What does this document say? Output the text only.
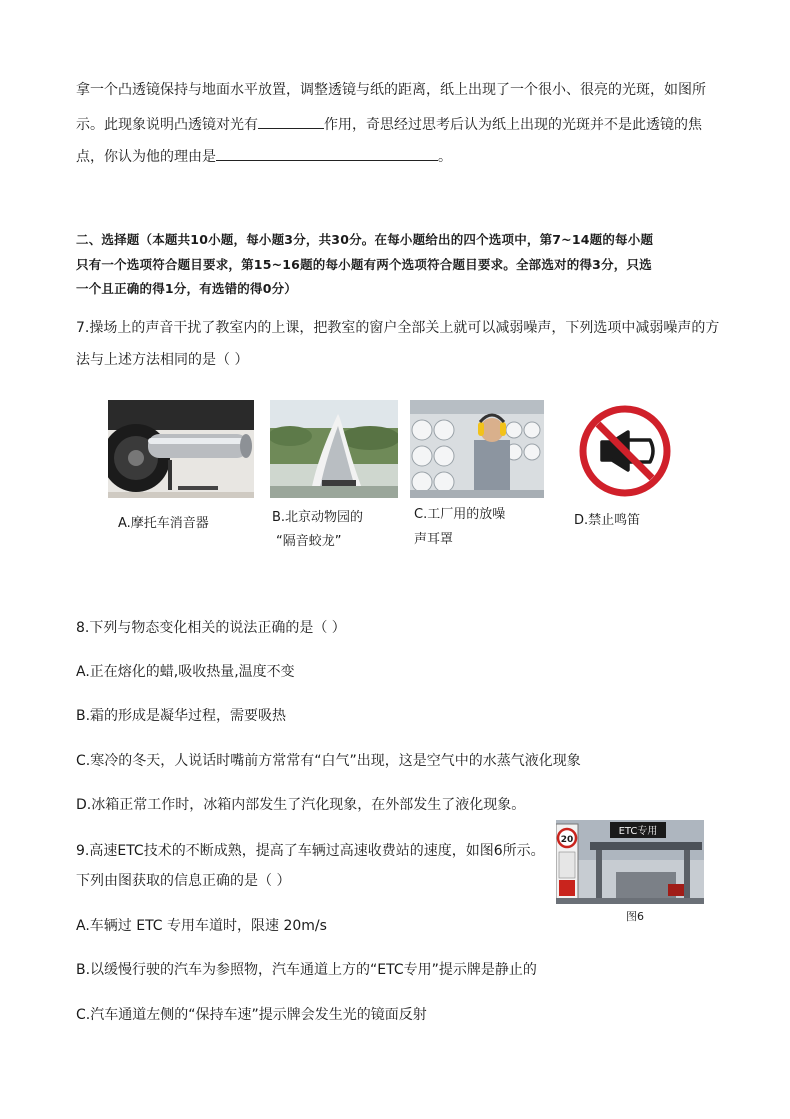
拿一个凸透镜保持与地面水平放置，调整透镜与纸的距离，纸上出现了一个很小、很亮的光斑，如图所
示。此现象说明凸透镜对光有	作用，奇思经过思考后认为纸上出现的光斑并不是此透镜的焦
点，你认为他的理由是	。
二、选择题（本题共10小题，每小题3分，共30分。在每小题给出的四个选项中，第7~14题的每小题
只有一个选项符合题目要求，第15~16题的每小题有两个选项符合题目要求。全部选对的得3分，只选
一个且正确的得1分，有选错的得0分）
7.操场上的声音干扰了教室内的上课，把教室的窗户全部关上就可以减弱噪声，下列选项中减弱噪声的方
法与上述方法相同的是（ ）
A.摩托车消音器	B.北京动物园的
“隔音蛟龙”
C.工厂用的放噪
声耳罩
D.禁止鸣笛
8.下列与物态变化相关的说法正确的是（ ）
A.正在熔化的蜡,吸收热量,温度不变
B.霜的形成是凝华过程，需要吸热
C.寒冷的冬天，人说话时嘴前方常常有“白气”出现，这是空气中的水蒸气液化现象
D.冰箱正常工作时，冰箱内部发生了汽化现象，在外部发生了液化现象。
9.高速ETC技术的不断成熟，提高了车辆过高速收费站的速度，如图6所示。
下列由图获取的信息正确的是（ ）
ETC专用
20
图6
A.车辆过 ETC 专用车道时，限速 20m/s
B.以缓慢行驶的汽车为参照物，汽车通道上方的“ETC专用”提示牌是静止的
C.汽车通道左侧的“保持车速”提示牌会发生光的镜面反射
